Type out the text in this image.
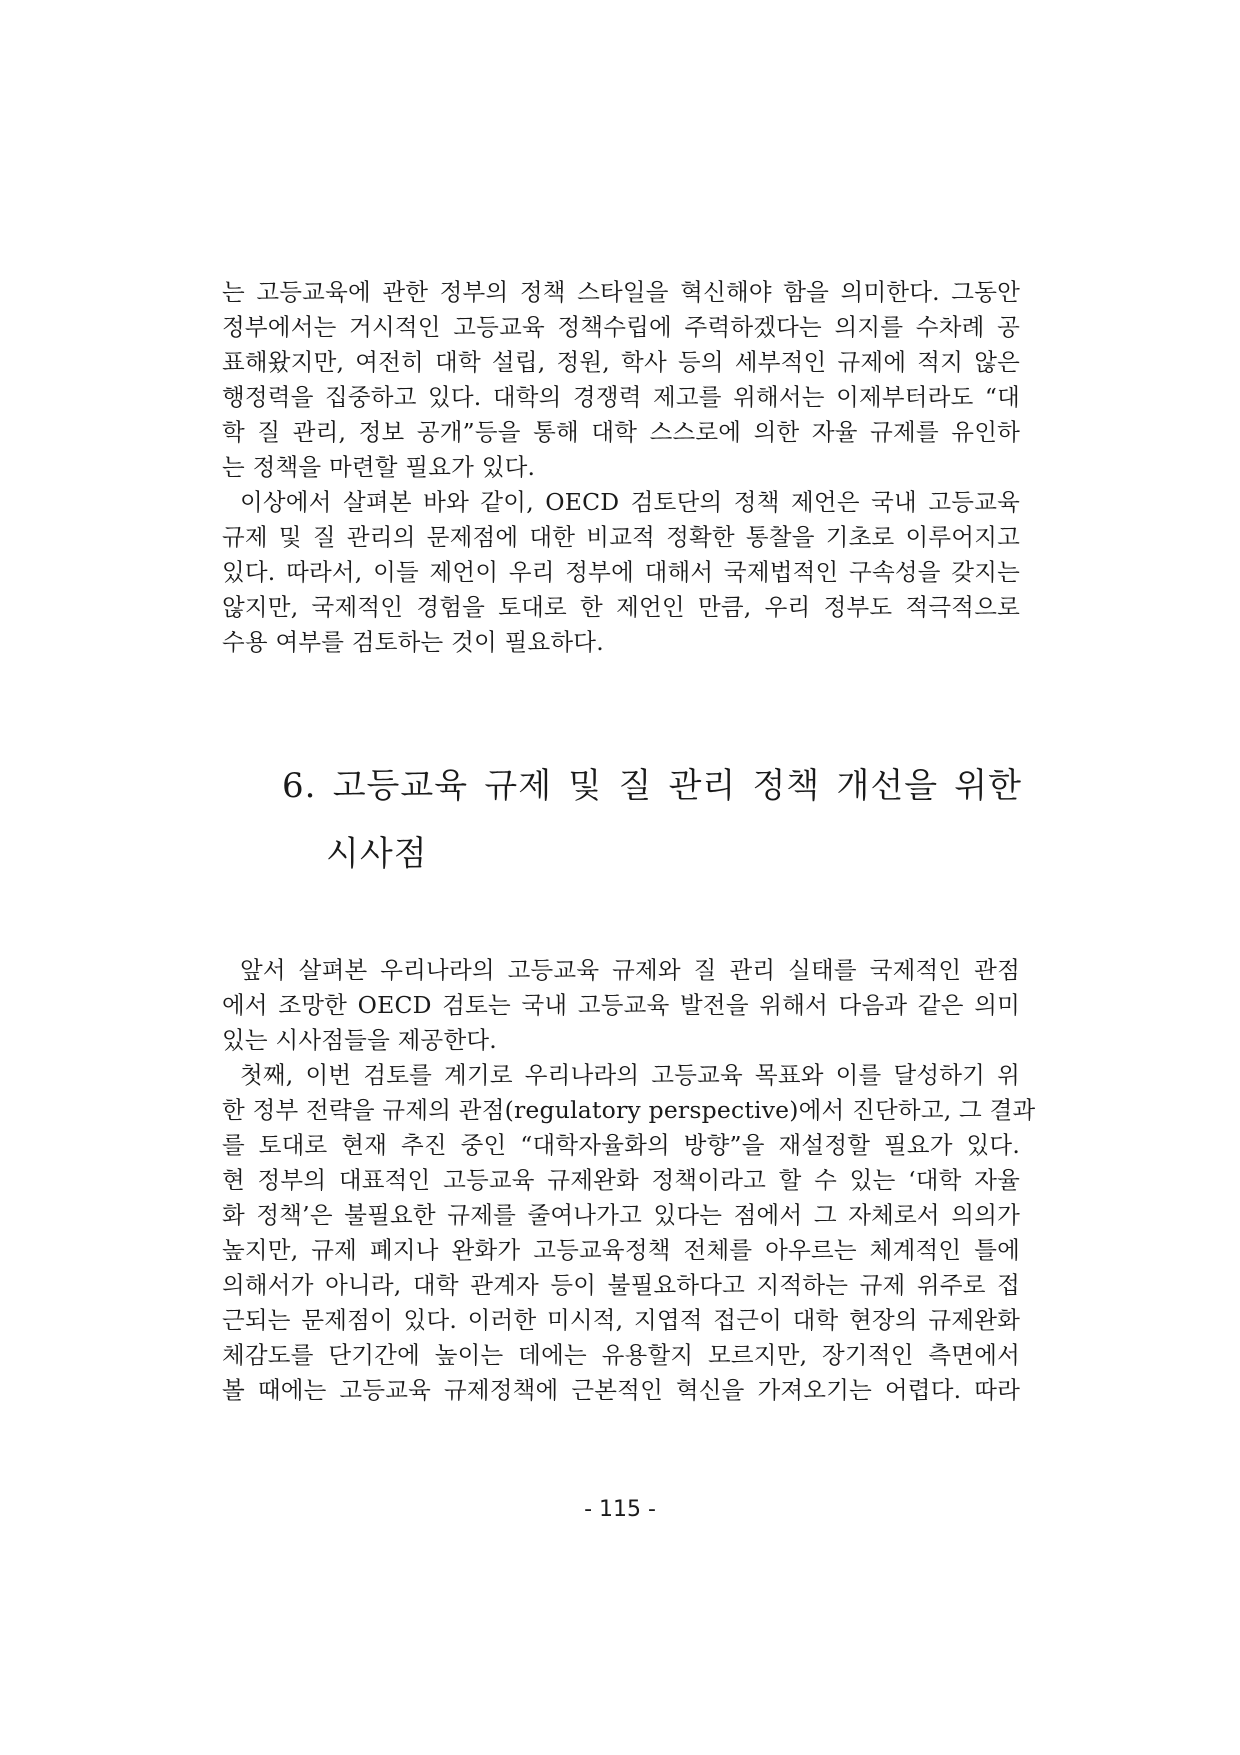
는 고등교육에 관한 정부의 정책 스타일을 혁신해야 함을 의미한다. 그동안
정부에서는 거시적인 고등교육 정책수립에 주력하겠다는 의지를 수차례 공
표해왔지만, 여전히 대학 설립, 정원, 학사 등의 세부적인 규제에 적지 않은
행정력을 집중하고 있다. 대학의 경쟁력 제고를 위해서는 이제부터라도 “대
학 질 관리, 정보 공개”등을 통해 대학 스스로에 의한 자율 규제를 유인하
는 정책을 마련할 필요가 있다.
이상에서 살펴본 바와 같이, OECD 검토단의 정책 제언은 국내 고등교육
규제 및 질 관리의 문제점에 대한 비교적 정확한 통찰을 기초로 이루어지고
있다. 따라서, 이들 제언이 우리 정부에 대해서 국제법적인 구속성을 갖지는
않지만, 국제적인 경험을 토대로 한 제언인 만큼, 우리 정부도 적극적으로
수용 여부를 검토하는 것이 필요하다.
6. 고등교육 규제 및 질 관리 정책 개선을 위한
시사점
앞서 살펴본 우리나라의 고등교육 규제와 질 관리 실태를 국제적인 관점
에서 조망한 OECD 검토는 국내 고등교육 발전을 위해서 다음과 같은 의미
있는 시사점들을 제공한다.
첫째, 이번 검토를 계기로 우리나라의 고등교육 목표와 이를 달성하기 위
한 정부 전략을 규제의 관점(regulatory perspective)에서 진단하고, 그 결과
를 토대로 현재 추진 중인 “대학자율화의 방향”을 재설정할 필요가 있다.
현 정부의 대표적인 고등교육 규제완화 정책이라고 할 수 있는 ‘대학 자율
화 정책’은 불필요한 규제를 줄여나가고 있다는 점에서 그 자체로서 의의가
높지만, 규제 폐지나 완화가 고등교육정책 전체를 아우르는 체계적인 틀에
의해서가 아니라, 대학 관계자 등이 불필요하다고 지적하는 규제 위주로 접
근되는 문제점이 있다. 이러한 미시적, 지엽적 접근이 대학 현장의 규제완화
체감도를 단기간에 높이는 데에는 유용할지 모르지만, 장기적인 측면에서
볼 때에는 고등교육 규제정책에 근본적인 혁신을 가져오기는 어렵다. 따라
- 115 -
